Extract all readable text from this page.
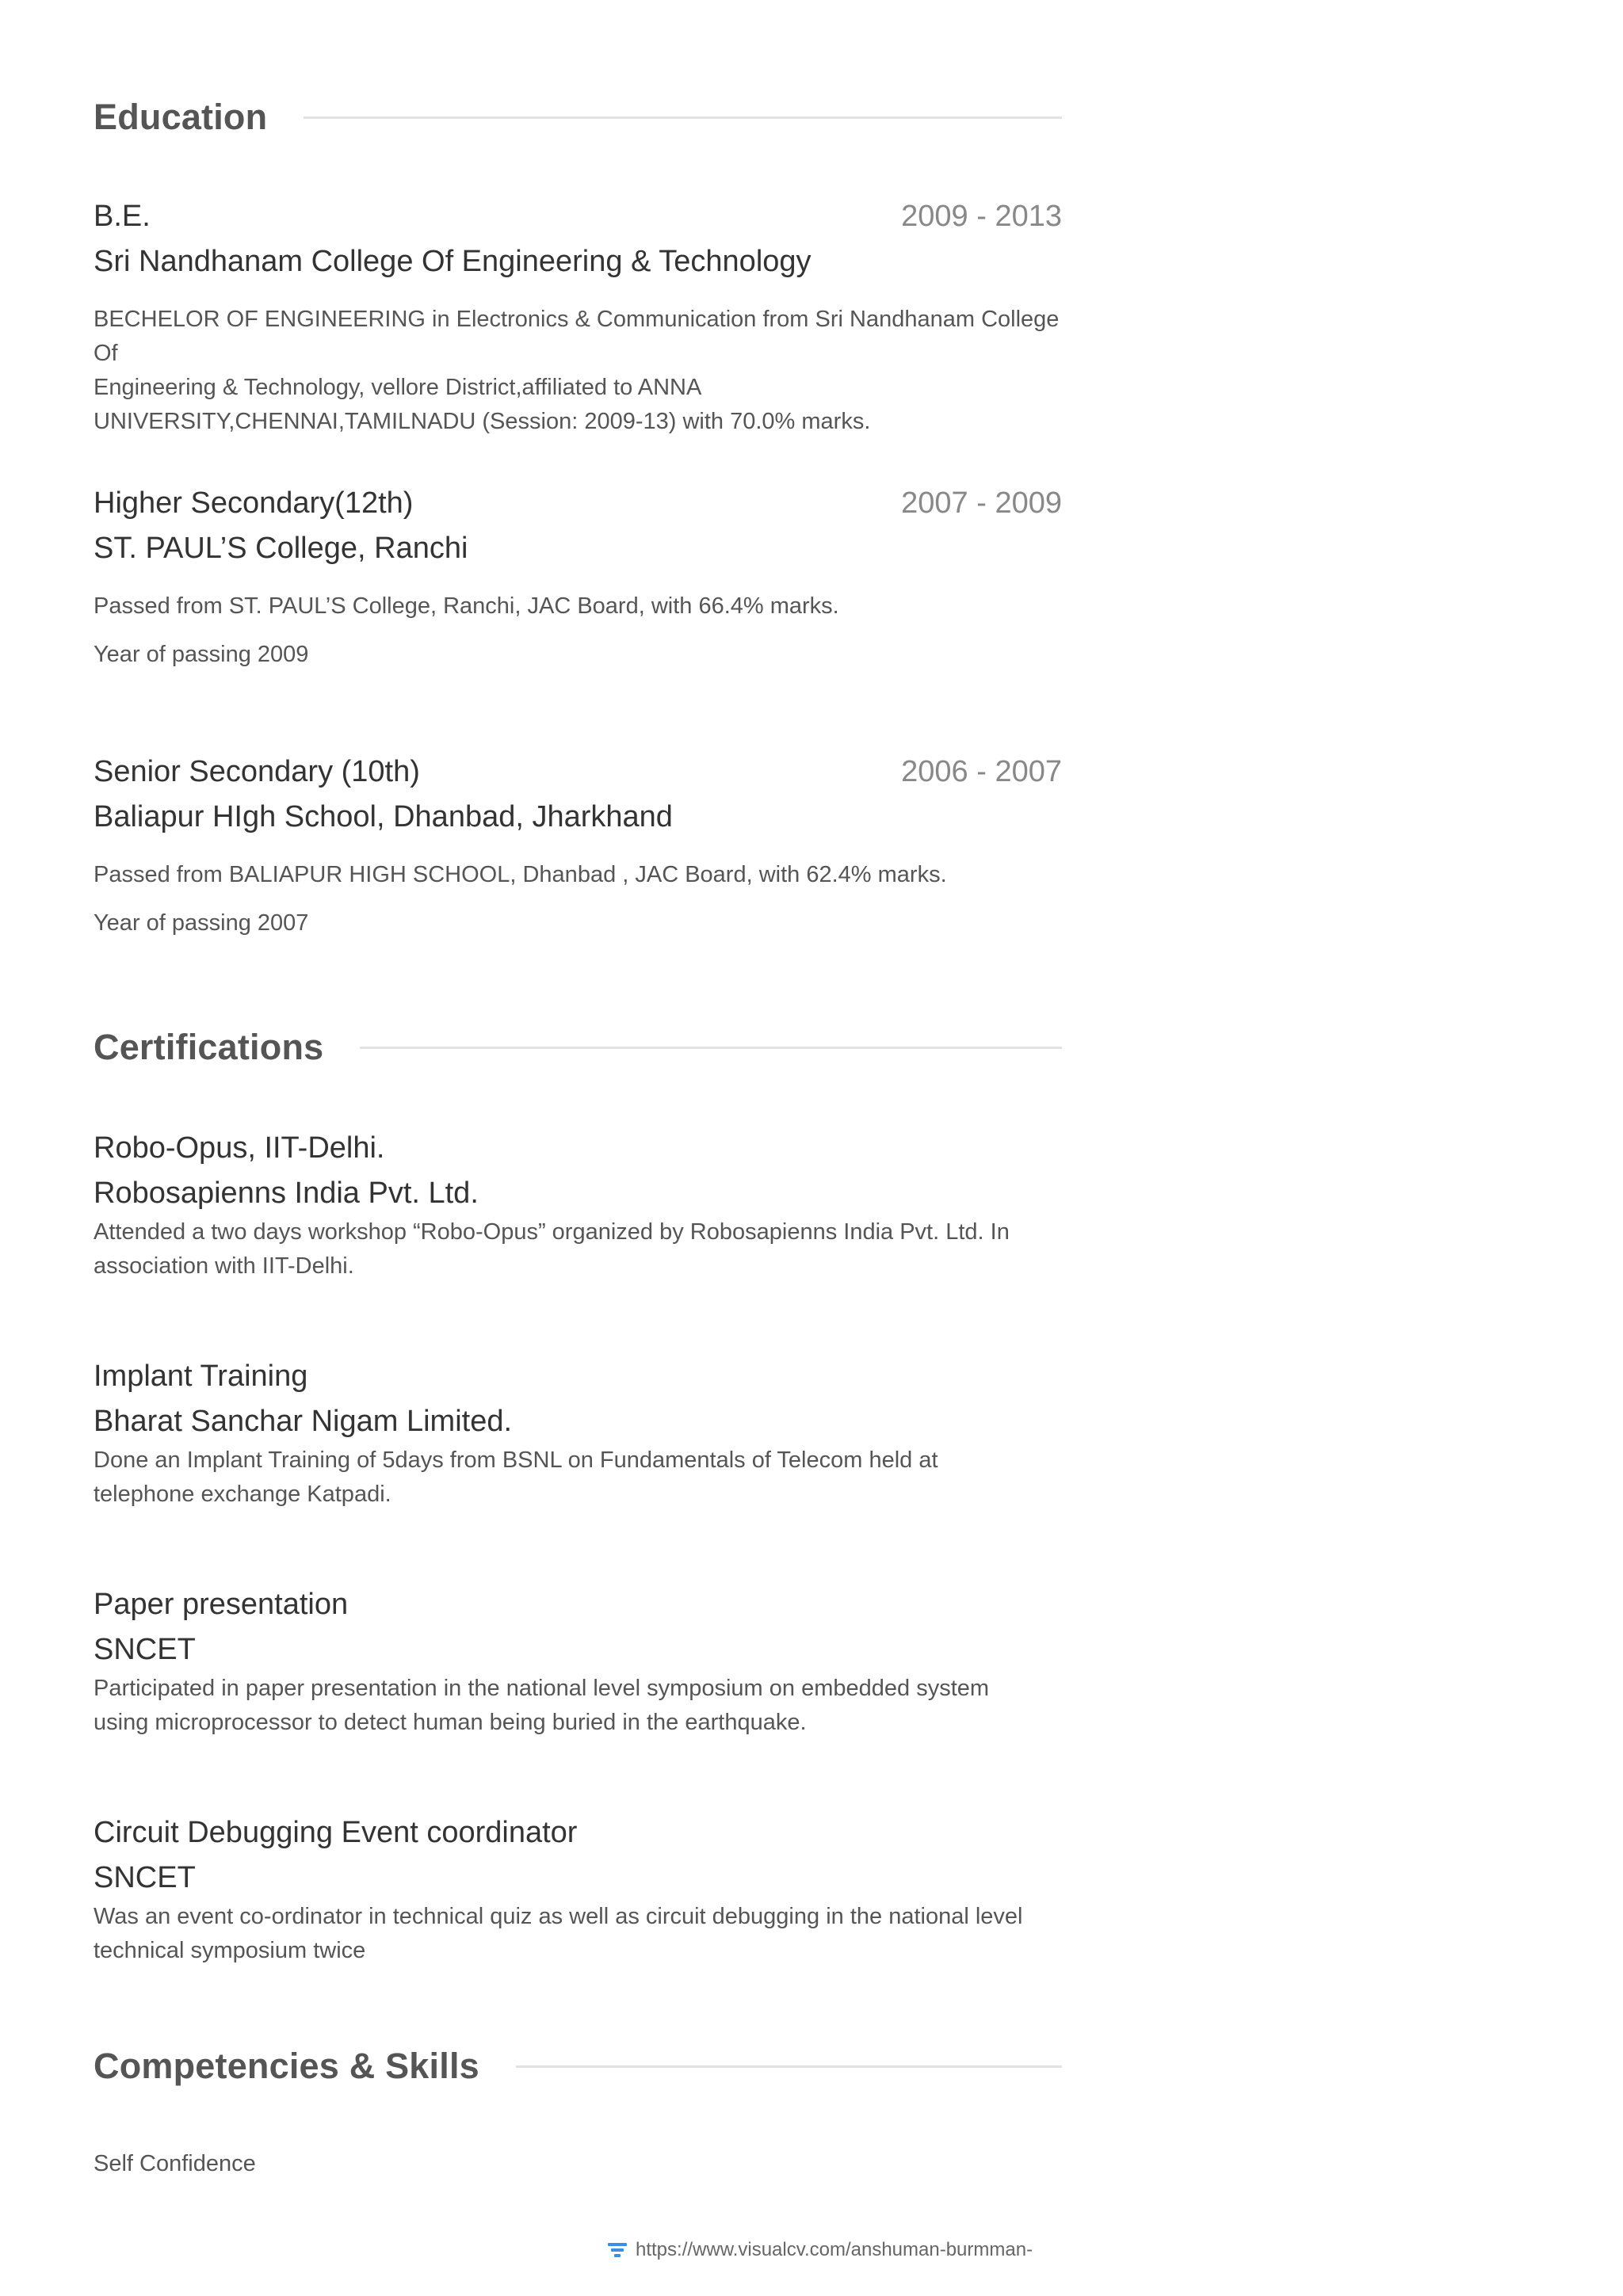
Education
B.E.	2009 - 2013
Sri Nandhanam College Of Engineering & Technology
BECHELOR OF ENGINEERING in Electronics & Communication from Sri Nandhanam College Of
Engineering & Technology, vellore District,affiliated to ANNA
UNIVERSITY,CHENNAI,TAMILNADU (Session: 2009-13) with 70.0% marks.
Higher Secondary(12th)	2007 - 2009
ST. PAUL’S College, Ranchi
Passed from ST. PAUL’S College, Ranchi, JAC Board, with 66.4% marks.
Year of passing 2009
Senior Secondary (10th)	2006 - 2007
Baliapur HIgh School, Dhanbad, Jharkhand
Passed from BALIAPUR HIGH SCHOOL, Dhanbad , JAC Board, with 62.4% marks.
Year of passing 2007
Certifications
Robo-Opus, IIT-Delhi.
Robosapienns India Pvt. Ltd.
Attended a two days workshop “Robo-Opus” organized by Robosapienns India Pvt. Ltd. In
association with IIT-Delhi.
Implant Training
Bharat Sanchar Nigam Limited.
Done an Implant Training of 5days from BSNL on Fundamentals of Telecom held at
telephone exchange Katpadi.
Paper presentation
SNCET
Participated in paper presentation in the national level symposium on embedded system
using microprocessor to detect human being buried in the earthquake.
Circuit Debugging Event coordinator
SNCET
Was an event co-ordinator in technical quiz as well as circuit debugging in the national level
technical symposium twice
Competencies & Skills
Self Confidence
https://www.visualcv.com/anshuman-burmman-
